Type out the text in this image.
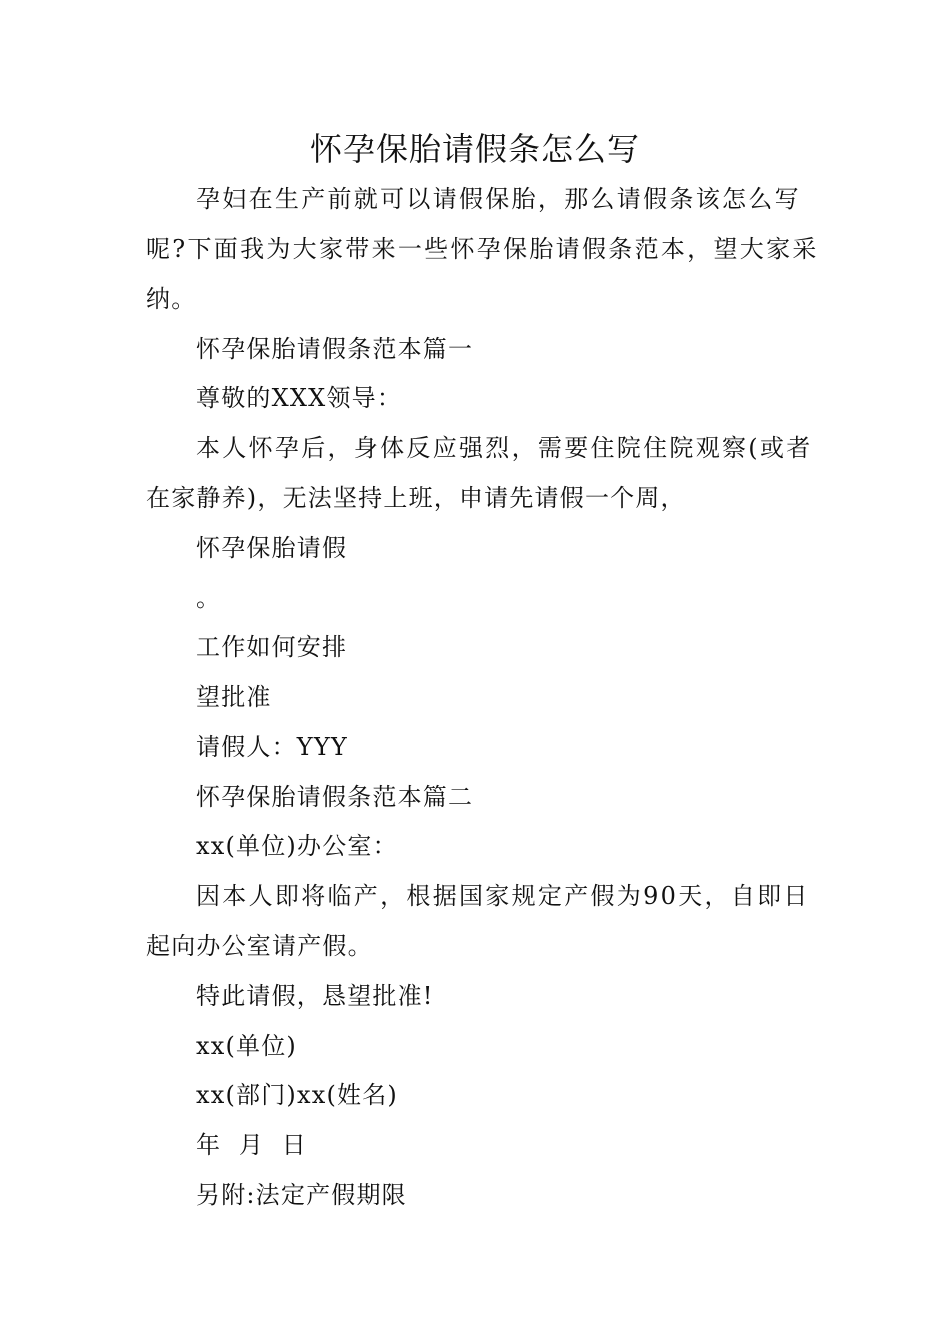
怀孕保胎请假条怎么写

孕妇在生产前就可以请假保胎，那么请假条该怎么写

呢?下面我为大家带来一些怀孕保胎请假条范本，望大家采

纳。

怀孕保胎请假条范本篇一

尊敬的XXX领导：

本人怀孕后，身体反应强烈，需要住院住院观察(或者

在家静养)，无法坚持上班，申请先请假一个周，

怀孕保胎请假

。

工作如何安排

望批准

请假人：YYY

怀孕保胎请假条范本篇二

xx(单位)办公室：

因本人即将临产，根据国家规定产假为90天，自即日

起向办公室请产假。

特此请假，恳望批准!

xx(单位)

xx(部门)xx(姓名)

年  月  日

另附:法定产假期限
